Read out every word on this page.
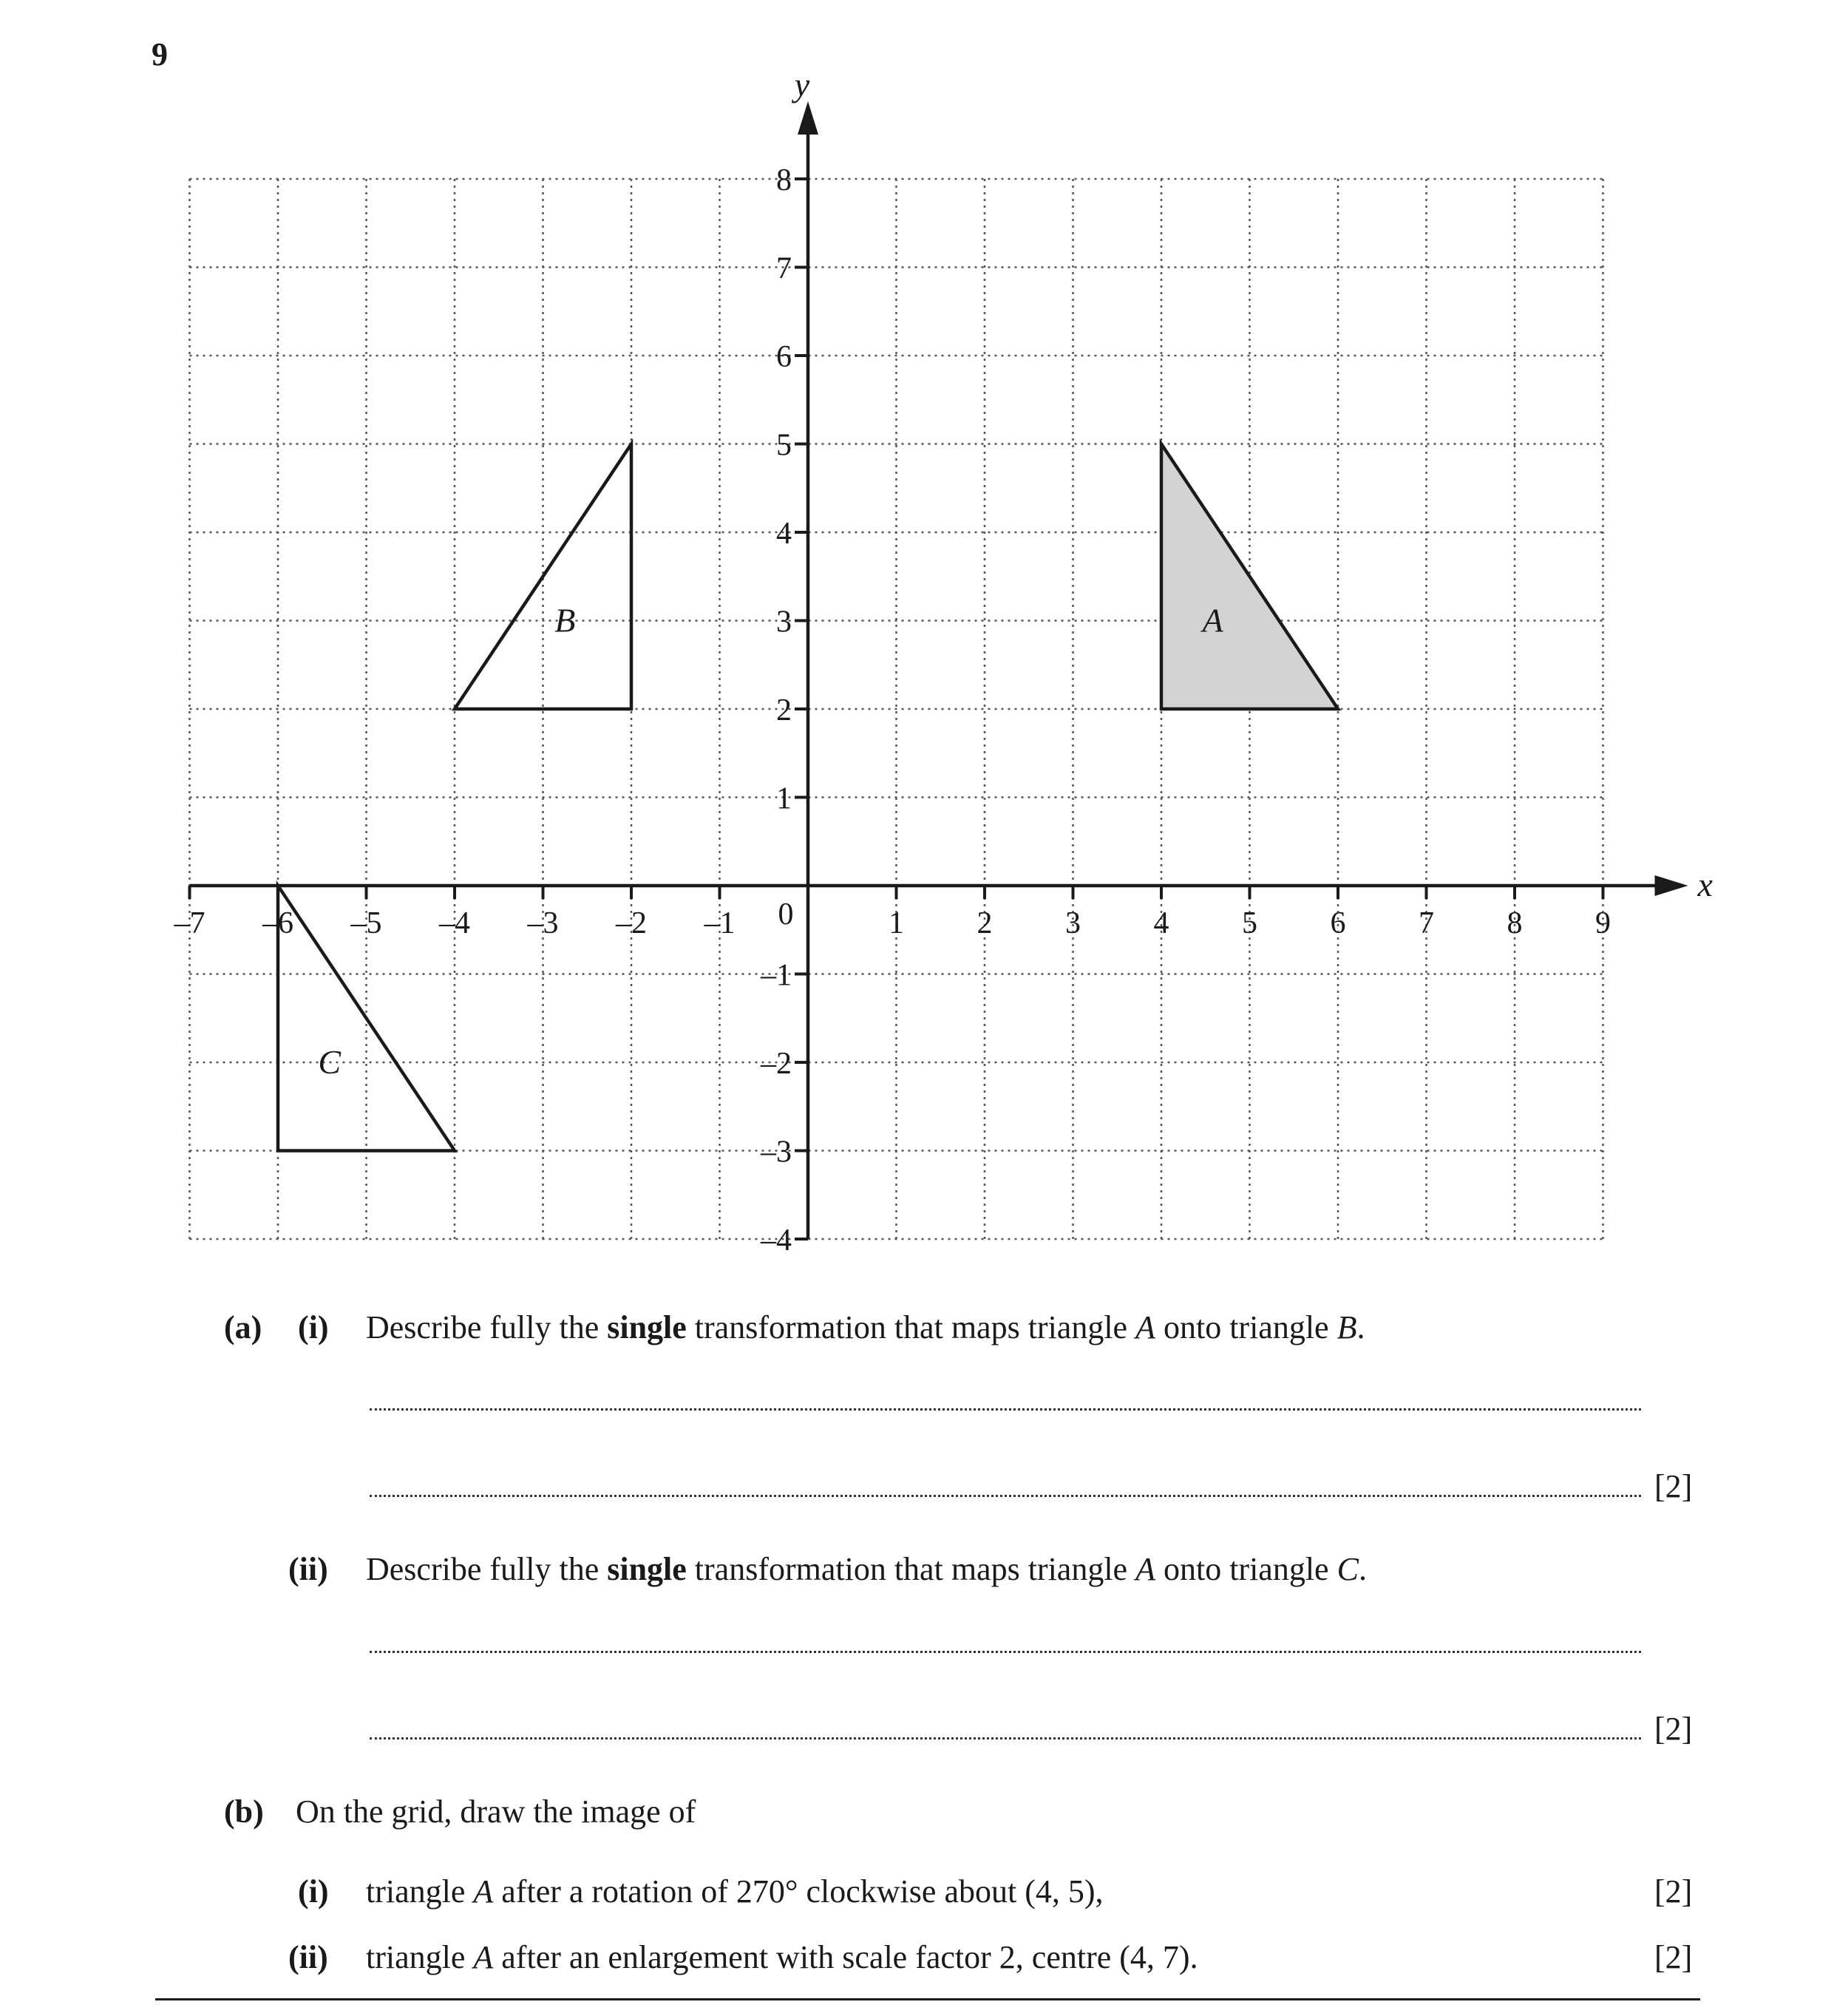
9
–7 –6 –5 –4 –3 –2 –1	1 2 3 4 5 6 7 8 9
8
7
6
5
4
3
2
1
–1
–2
–3
–4
0
x
y
A
B
C
(a) (i) Describe fully the single transformation that maps triangle A onto triangle B.
[2]
(ii) Describe fully the single transformation that maps triangle A onto triangle C.
[2]
(b) On the grid, draw the image of
(i) triangle A after a rotation of 270° clockwise about (4, 5),	[2]
(ii) triangle A after an enlargement with scale factor 2, centre (4, 7).	[2]
